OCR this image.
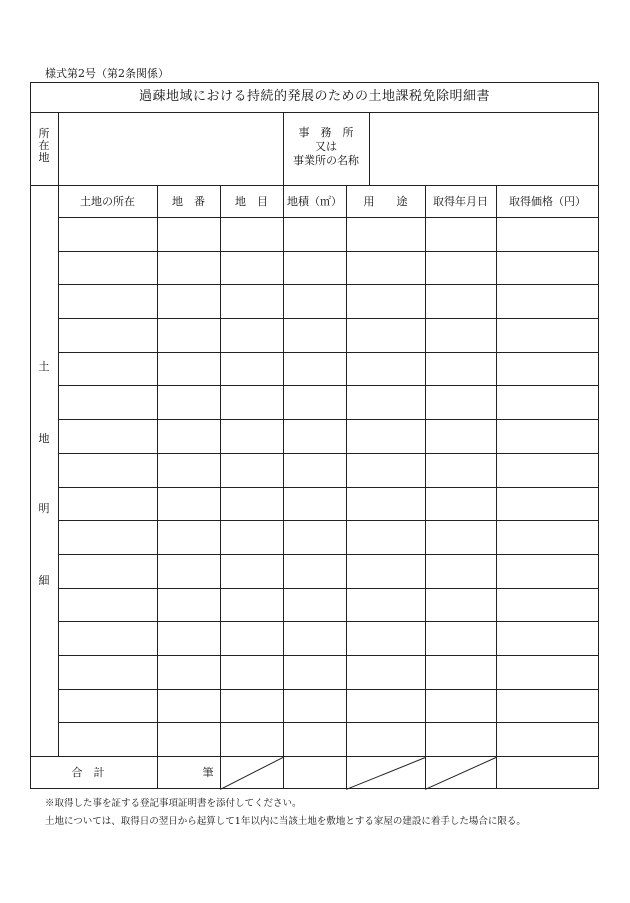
様式第2号（第2条関係）
過疎地域における持続的発展のための土地課税免除明細書
所
在
地
事　務　所
又は
事業所の名称
土地の所在	地　番	地　目	地積（㎡）	用　　途	取得年月日	取得価格（円）
土
地
明
細
合　計	筆
※取得した事を証する登記事項証明書を添付してください。
土地については、取得日の翌日から起算して1年以内に当該土地を敷地とする家屋の建設に着手した場合に限る。
